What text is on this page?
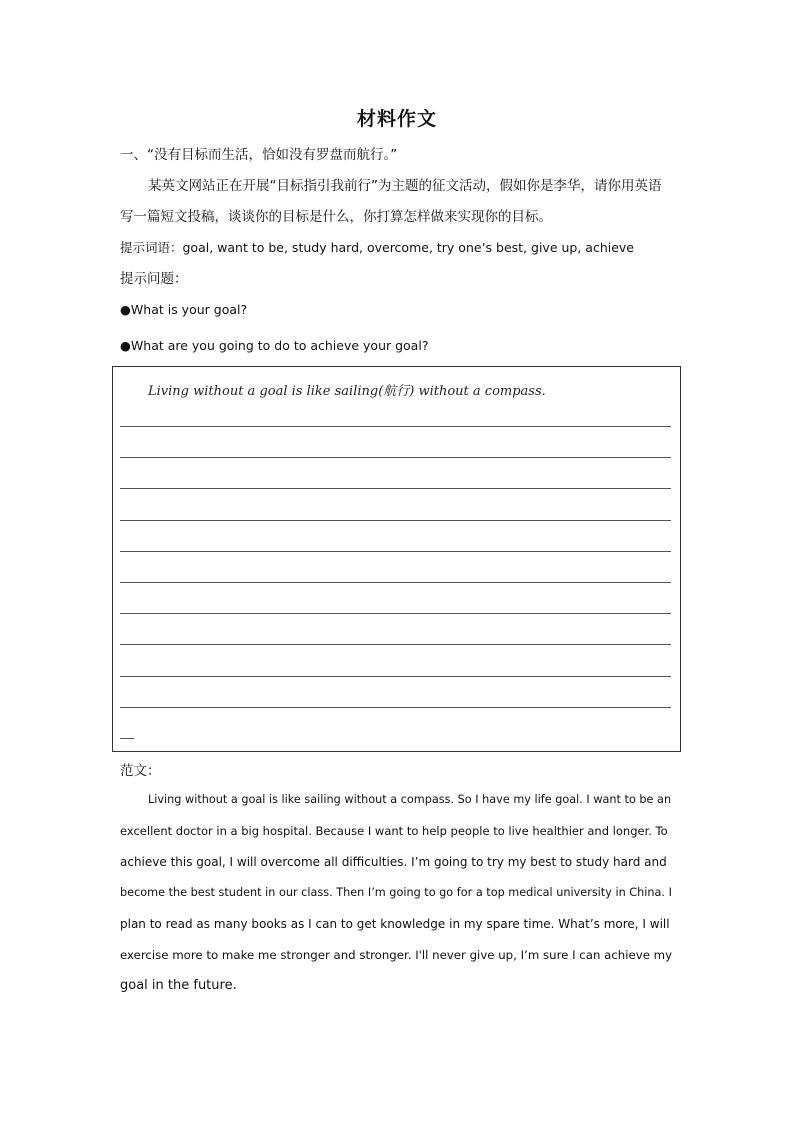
材料作文
一、“没有目标而生活，恰如没有罗盘而航行。”
某英文网站正在开展“目标指引我前行”为主题的征文活动，假如你是李华，请你用英语
写一篇短文投稿，谈谈你的目标是什么，你打算怎样做来实现你的目标。
提示词语：goal, want to be, study hard, overcome, try one’s best, give up, achieve
提示问题：
●What is your goal?
●What are you going to do to achieve your goal?
Living without a goal is like sailing(航行) without a compass.
范文：
Living without a goal is like sailing without a compass. So I have my life goal. I want to be an
excellent doctor in a big hospital. Because I want to help people to live healthier and longer. To
achieve this goal, I will overcome all difficulties. I’m going to try my best to study hard and
become the best student in our class. Then I’m going to go for a top medical university in China. I
plan to read as many books as I can to get knowledge in my spare time. What’s more, I will
exercise more to make me stronger and stronger. I'll never give up, I’m sure I can achieve my
goal in the future.
